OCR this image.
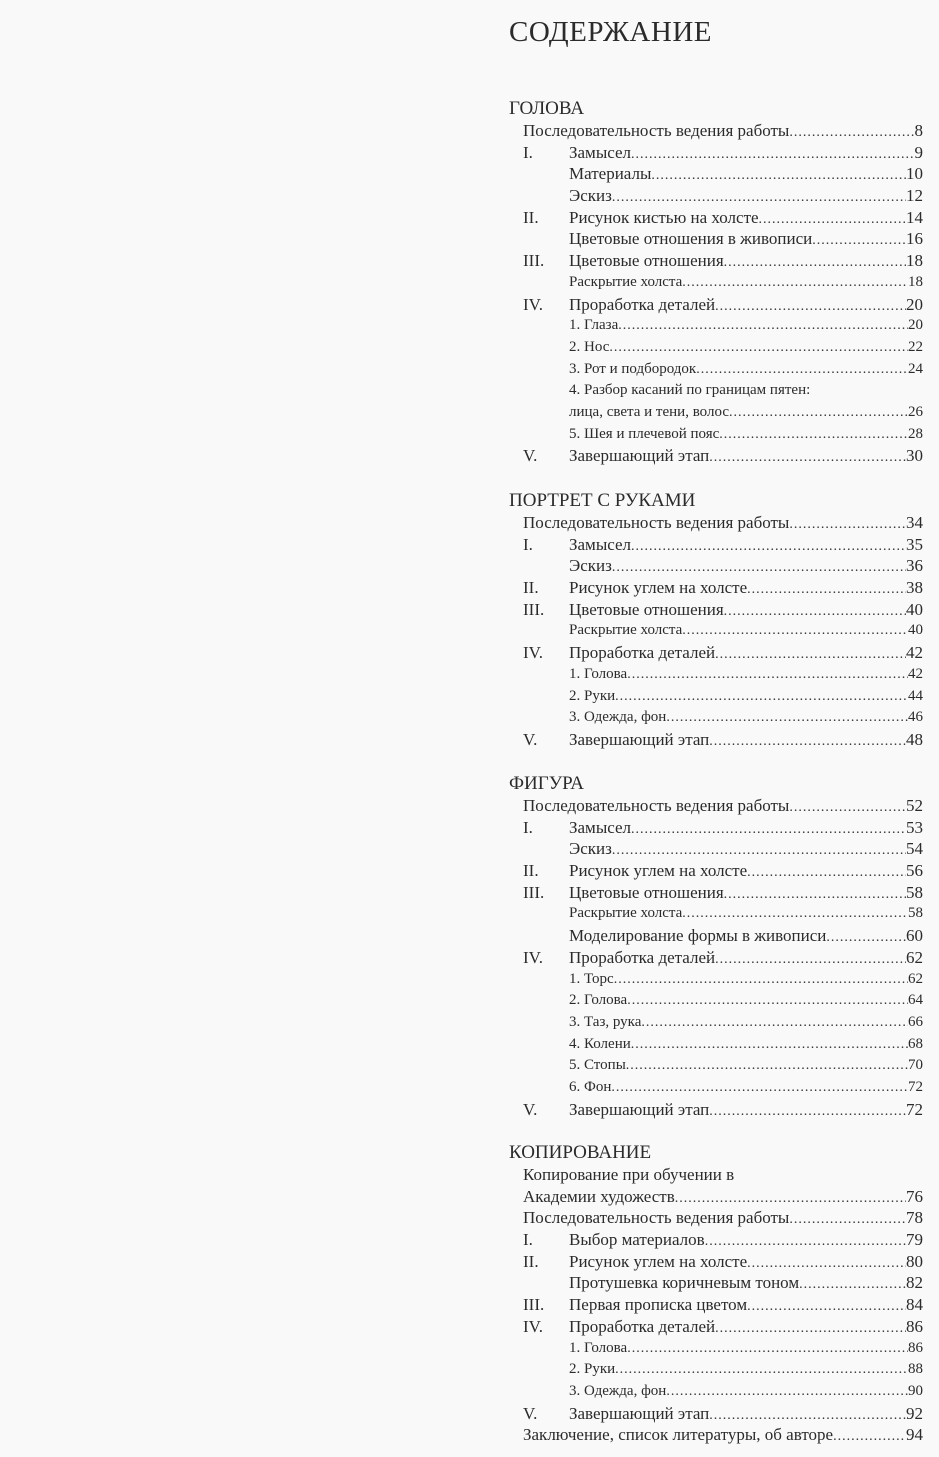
СОДЕРЖАНИЕ
ГОЛОВА
Последовательность ведения работы .....	8
I. Замысел .....	9
Материалы .....	10
Эскиз .....	12
II. Рисунок кистью на холсте .....	14
Цветовые отношения в живописи .....	16
III. Цветовые отношения .....	18
Раскрытие холста .....	18
IV. Проработка деталей .....	20
1. Глаза .....	20
2. Нос .....	22
3. Рот и подбородок .....	24
4. Разбор касаний по границам пятен:
лица, света и тени, волос .....	26
5. Шея и плечевой пояс .....	28
V. Завершающий этап .....	30
ПОРТРЕТ С РУКАМИ
Последовательность ведения работы .....	34
I. Замысел .....	35
Эскиз .....	36
II. Рисунок углем на холсте .....	38
III. Цветовые отношения .....	40
Раскрытие холста .....	40
IV. Проработка деталей .....	42
1. Голова .....	42
2. Руки .....	44
3. Одежда, фон .....	46
V. Завершающий этап .....	48
ФИГУРА
Последовательность ведения работы .....	52
I. Замысел .....	53
Эскиз .....	54
II. Рисунок углем на холсте .....	56
III. Цветовые отношения .....	58
Раскрытие холста .....	58
Моделирование формы в живописи .....	60
IV. Проработка деталей .....	62
1. Торс .....	62
2. Голова .....	64
3. Таз, рука .....	66
4. Колени .....	68
5. Стопы .....	70
6. Фон .....	72
V. Завершающий этап .....	72
КОПИРОВАНИЕ
Копирование при обучении в
Академии художеств .....	76
Последовательность ведения работы .....	78
I. Выбор материалов .....	79
II. Рисунок углем на холсте .....	80
Протушевка коричневым тоном .....	82
III. Первая прописка цветом .....	84
IV. Проработка деталей .....	86
1. Голова .....	86
2. Руки .....	88
3. Одежда, фон .....	90
V. Завершающий этап .....	92
Заключение, список литературы, об авторе .....	94
